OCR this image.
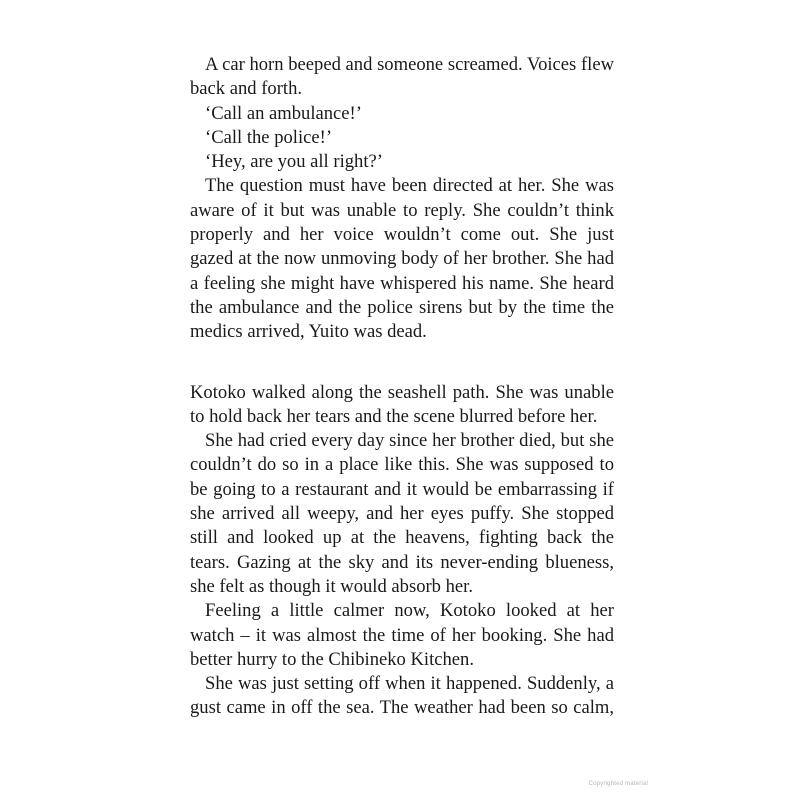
A car horn beeped and someone screamed. Voices flew back and forth.

‘Call an ambulance!’

‘Call the police!’

‘Hey, are you all right?’

The question must have been directed at her. She was aware of it but was unable to reply. She couldn’t think properly and her voice wouldn’t come out. She just gazed at the now unmoving body of her brother. She had a feeling she might have whispered his name. She heard the ambulance and the police sirens but by the time the medics arrived, Yuito was dead.

Kotoko walked along the seashell path. She was unable to hold back her tears and the scene blurred before her.

She had cried every day since her brother died, but she couldn’t do so in a place like this. She was supposed to be going to a restaurant and it would be embarrassing if she arrived all weepy, and her eyes puffy. She stopped still and looked up at the heavens, fighting back the tears. Gazing at the sky and its never-ending blueness, she felt as though it would absorb her.

Feeling a little calmer now, Kotoko looked at her watch – it was almost the time of her booking. She had better hurry to the Chibineko Kitchen.

She was just setting off when it happened. Suddenly, a gust came in off the sea. The weather had been so calm,

Copyrighted material
